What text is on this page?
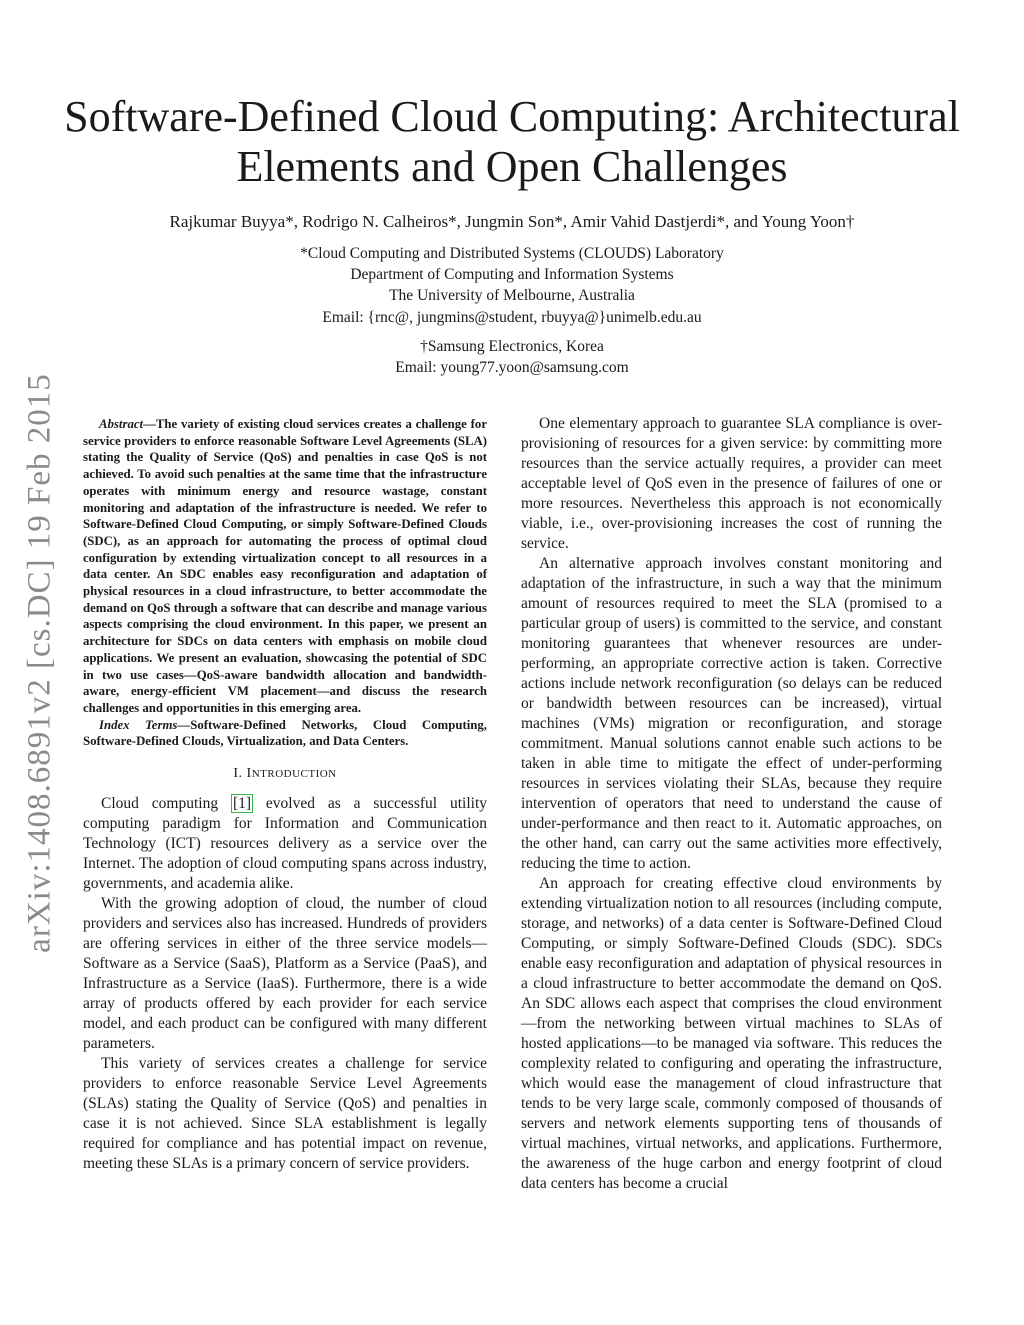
Software-Defined Cloud Computing: Architectural
Elements and Open Challenges
Rajkumar Buyya*, Rodrigo N. Calheiros*, Jungmin Son*, Amir Vahid Dastjerdi*, and Young Yoon†
*Cloud Computing and Distributed Systems (CLOUDS) Laboratory
Department of Computing and Information Systems
The University of Melbourne, Australia
Email: {rnc@, jungmins@student, rbuyya@}unimelb.edu.au
†Samsung Electronics, Korea
Email: young77.yoon@samsung.com
arXiv:1408.6891v2 [cs.DC] 19 Feb 2015	Abstract—The variety of existing cloud services creates a challenge for service providers to enforce reasonable Software Level Agreements (SLA) stating the Quality of Service (QoS) and penalties in case QoS is not achieved. To avoid such penalties at the same time that the infrastructure operates with minimum energy and resource wastage, constant monitoring and adaptation of the infrastructure is needed. We refer to Software-Defined Cloud Computing, or simply Software-Defined Clouds (SDC), as an approach for automating the process of optimal cloud configuration by extending virtualization concept to all resources in a data center. An SDC enables easy reconfiguration and adaptation of physical resources in a cloud infrastructure, to better accommodate the demand on QoS through a software that can describe and manage various aspects comprising the cloud environment. In this paper, we present an architecture for SDCs on data centers with emphasis on mobile cloud applications. We present an evaluation, showcasing the potential of SDC in two use cases—QoS-aware bandwidth allocation and bandwidth-aware, energy-efficient VM placement—and discuss the research challenges and opportunities in this emerging area.

Index Terms—Software-Defined Networks, Cloud Computing, Software-Defined Clouds, Virtualization, and Data Centers.

I. INTRODUCTION

Cloud computing [1] evolved as a successful utility computing paradigm for Information and Communication Technology (ICT) resources delivery as a service over the Internet. The adoption of cloud computing spans across industry, governments, and academia alike.

With the growing adoption of cloud, the number of cloud providers and services also has increased. Hundreds of providers are offering services in either of the three service models—Software as a Service (SaaS), Platform as a Service (PaaS), and Infrastructure as a Service (IaaS). Furthermore, there is a wide array of products offered by each provider for each service model, and each product can be configured with many different parameters.

This variety of services creates a challenge for service providers to enforce reasonable Service Level Agreements (SLAs) stating the Quality of Service (QoS) and penalties in case it is not achieved. Since SLA establishment is legally required for compliance and has potential impact on revenue, meeting these SLAs is a primary concern of service providers.

One elementary approach to guarantee SLA compliance is over-provisioning of resources for a given service: by committing more resources than the service actually requires, a provider can meet acceptable level of QoS even in the presence of failures of one or more resources. Nevertheless this approach is not economically viable, i.e., over-provisioning increases the cost of running the service.

An alternative approach involves constant monitoring and adaptation of the infrastructure, in such a way that the minimum amount of resources required to meet the SLA (promised to a particular group of users) is committed to the service, and constant monitoring guarantees that whenever resources are under-performing, an appropriate corrective action is taken. Corrective actions include network reconfiguration (so delays can be reduced or bandwidth between resources can be increased), virtual machines (VMs) migration or reconfiguration, and storage commitment. Manual solutions cannot enable such actions to be taken in able time to mitigate the effect of under-performing resources in services violating their SLAs, because they require intervention of operators that need to understand the cause of under-performance and then react to it. Automatic approaches, on the other hand, can carry out the same activities more effectively, reducing the time to action.

An approach for creating effective cloud environments by extending virtualization notion to all resources (including compute, storage, and networks) of a data center is Software-Defined Cloud Computing, or simply Software-Defined Clouds (SDC). SDCs enable easy reconfiguration and adaptation of physical resources in a cloud infrastructure to better accommodate the demand on QoS. An SDC allows each aspect that comprises the cloud environment—from the networking between virtual machines to SLAs of hosted applications—to be managed via software. This reduces the complexity related to configuring and operating the infrastructure, which would ease the management of cloud infrastructure that tends to be very large scale, commonly composed of thousands of servers and network elements supporting tens of thousands of virtual machines, virtual networks, and applications. Furthermore, the awareness of the huge carbon and energy footprint of cloud data centers has become a crucial
